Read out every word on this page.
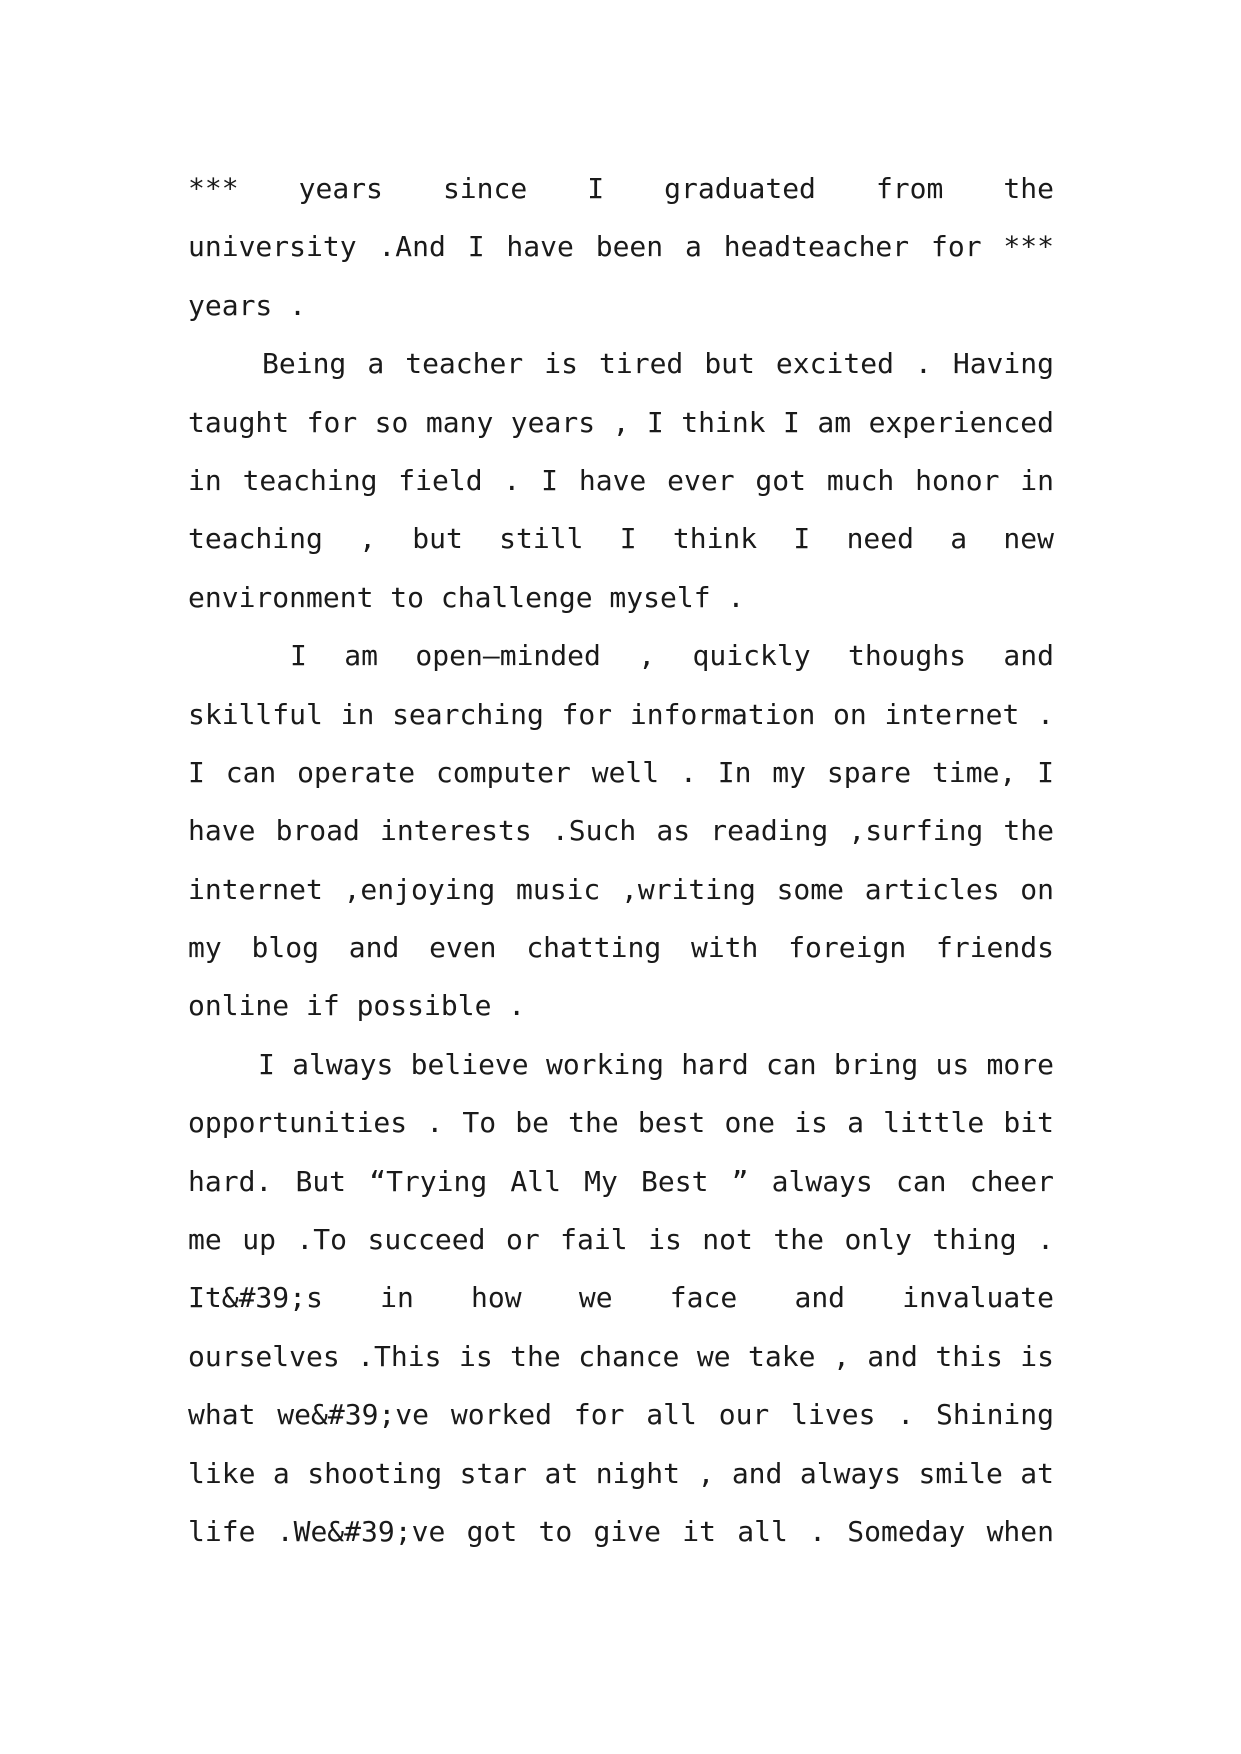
***  years  since  I  graduated  from  the
university .And I have been a headteacher for ***
years .
Being a teacher is tired but excited . Having
taught for so many years , I think I am experienced
in teaching field . I have ever got much honor in
teaching , but still I think I need a new
environment to challenge myself .
I am open—minded , quickly thoughs and
skillful in searching for information on internet .
I can operate computer well . In my spare time, I
have broad interests .Such as reading ,surfing the
internet ,enjoying music ,writing some articles on
my blog and even chatting with foreign friends
online if possible .
I always believe working hard can bring us more
opportunities . To be the best one is a little bit
hard. But “Trying All My Best ” always can cheer
me up .To succeed or fail is not the only thing .
It&#39;s in how we face and invaluate
ourselves .This is the chance we take , and this is
what we&#39;ve worked for all our lives . Shining
like a shooting star at night , and always smile at
life .We&#39;ve got to give it all . Someday when
